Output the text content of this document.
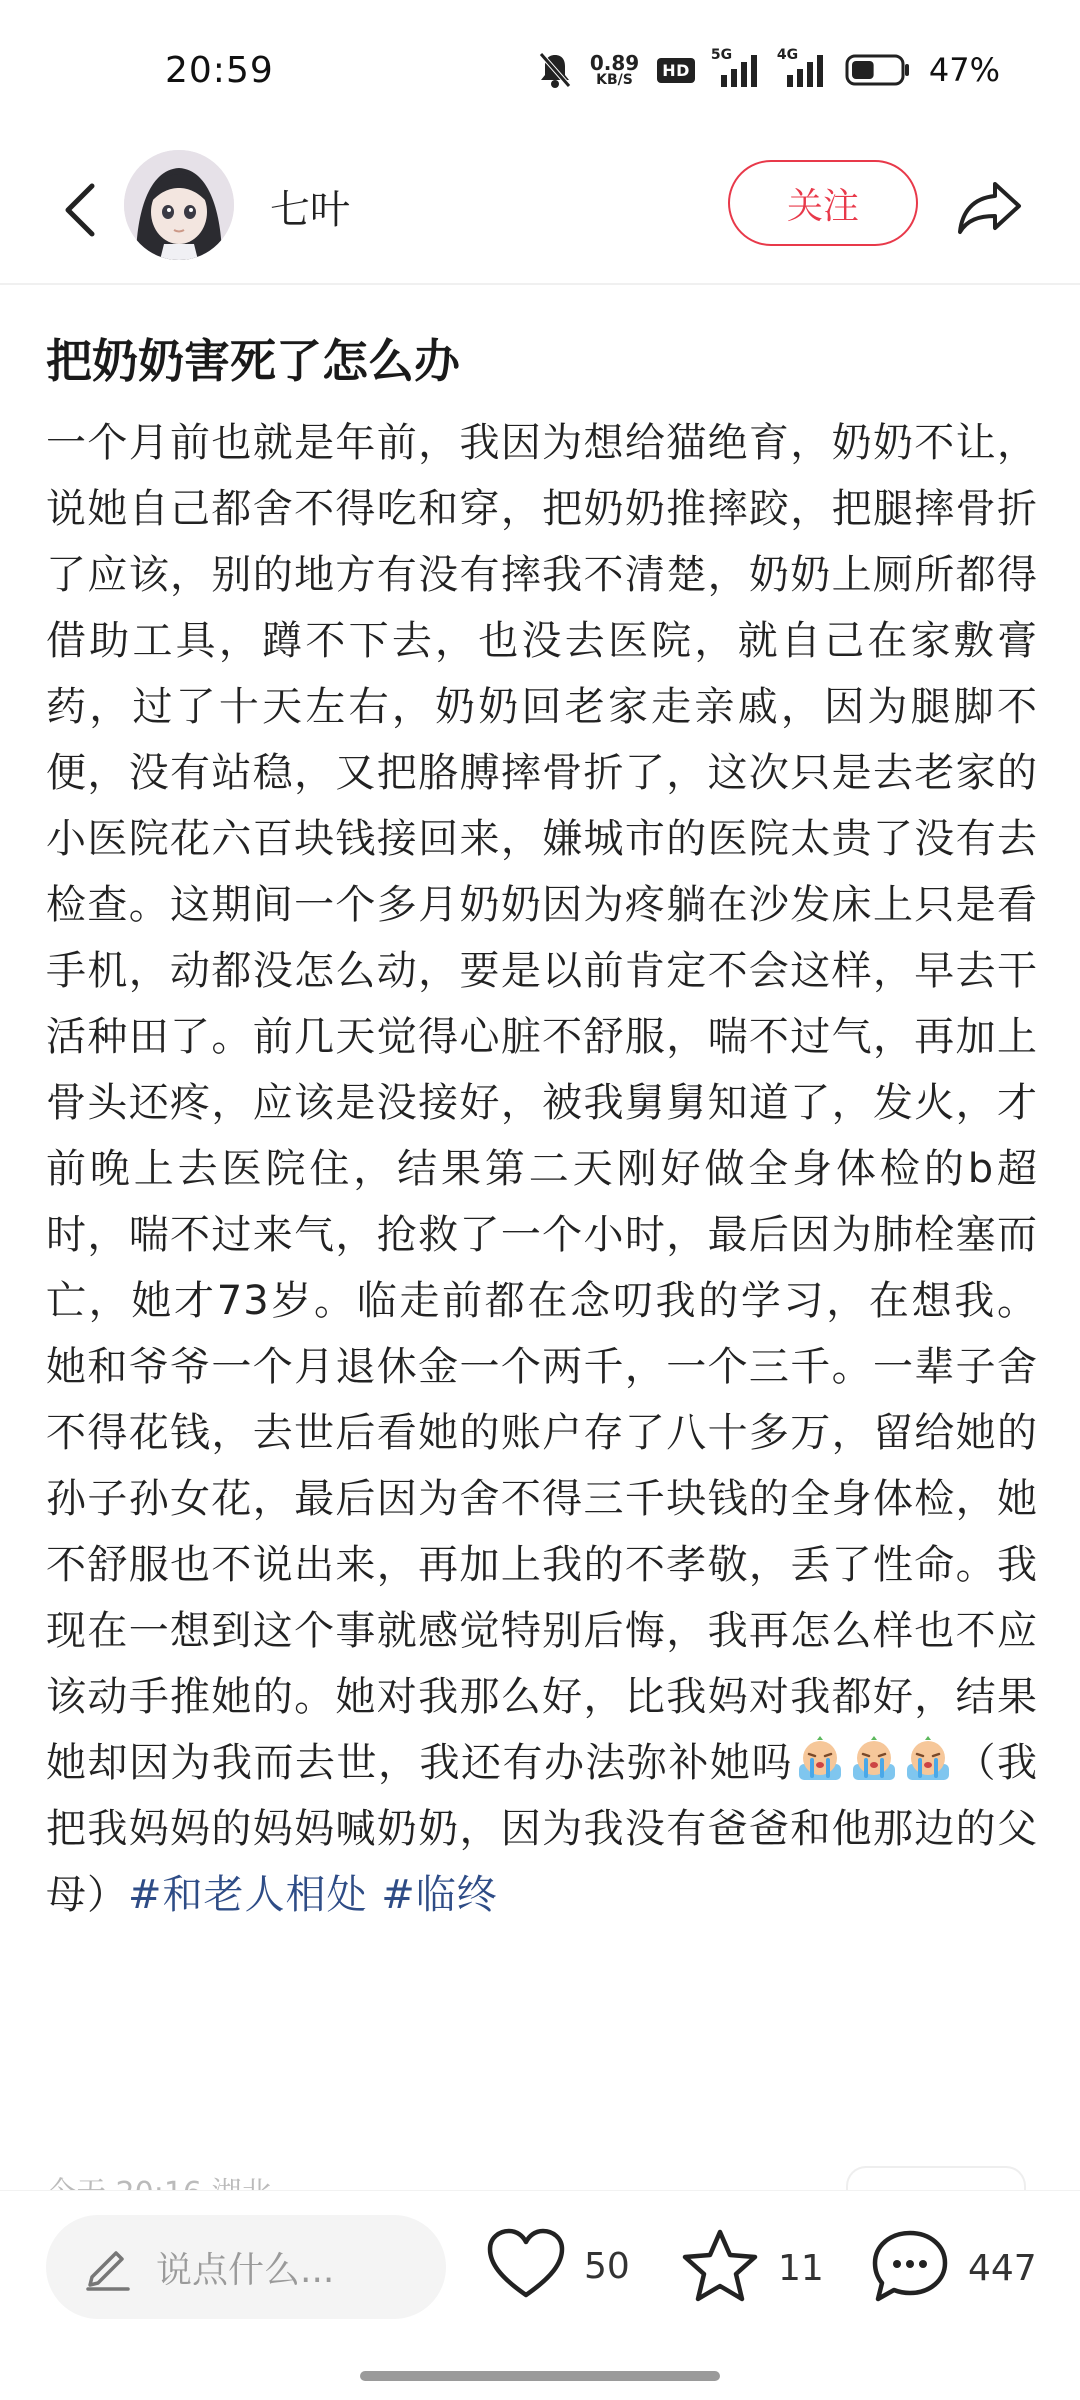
20:59	0.89
KB/S
HD
5G	4G	47%
七叶	关注
把奶奶害死了怎么办
一个月前也就是年前，我因为想给猫绝育，奶奶不让，说她自己都舍不得吃和穿，把奶奶推摔跤，把腿摔骨折了应该，别的地方有没有摔我不清楚，奶奶上厕所都得借助工具，蹲不下去，也没去医院，就自己在家敷膏药，过了十天左右，奶奶回老家走亲戚，因为腿脚不便，没有站稳，又把胳膊摔骨折了，这次只是去老家的小医院花六百块钱接回来，嫌城市的医院太贵了没有去检查。这期间一个多月奶奶因为疼躺在沙发床上只是看手机，动都没怎么动，要是以前肯定不会这样，早去干活种田了。前几天觉得心脏不舒服，喘不过气，再加上骨头还疼，应该是没接好，被我舅舅知道了，发火，才前晚上去医院住，结果第二天刚好做全身体检的b超时，喘不过来气，抢救了一个小时，最后因为肺栓塞而亡，她才73岁。临走前都在念叨我的学习，在想我。她和爷爷一个月退休金一个两千，一个三千。一辈子舍不得花钱，去世后看她的账户存了八十多万，留给她的孙子孙女花，最后因为舍不得三千块钱的全身体检，她不舒服也不说出来，再加上我的不孝敬，丢了性命。我现在一想到这个事就感觉特别后悔，我再怎么样也不应该动手推她的。她对我那么好，比我妈对我都好，结果她却因为我而去世，我还有办法弥补她吗	（我把我妈妈的妈妈喊奶奶，因为我没有爸爸和他那边的父母）#和老人相处 #临终
说点什么...	50	11	447
